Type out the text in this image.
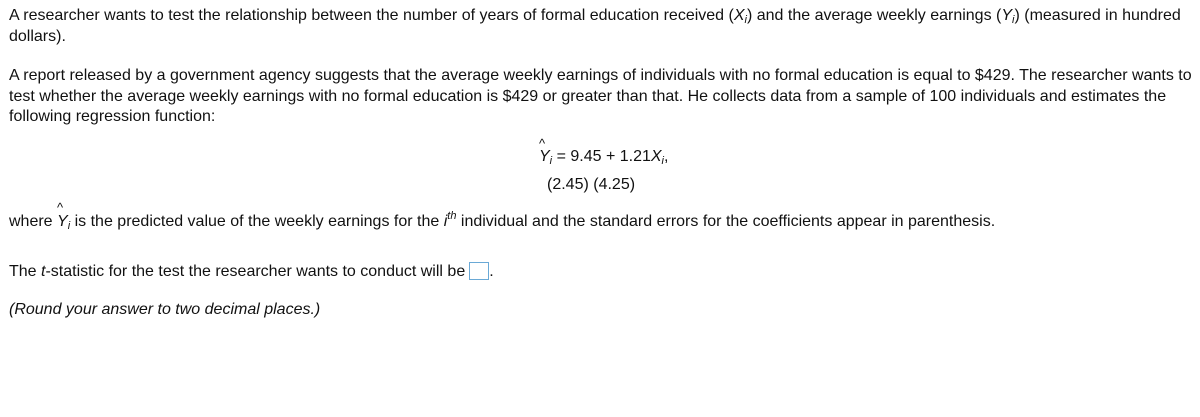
A researcher wants to test the relationship between the number of years of formal education received $(X_i)$ and the average weekly earnings $(Y_i)$ (measured in hundred dollars).
A report released by a government agency suggests that the average weekly earnings of individuals with no formal education is equal to $429. The researcher wants to test whether the average weekly earnings with no formal education is $429 or greater than that. He collects data from a sample of 100 individuals and estimates the following regression function:
^
$Y_i = 9.45 + 1.21X_i$,
(2.45) (4.25)
where
^
$Y_i$ is the predicted value of the weekly earnings for the $i^{th}$ individual and the standard errors for the coefficients appear in parenthesis.
The t-statistic for the test the researcher wants to conduct will be .
(Round your answer to two decimal places.)
